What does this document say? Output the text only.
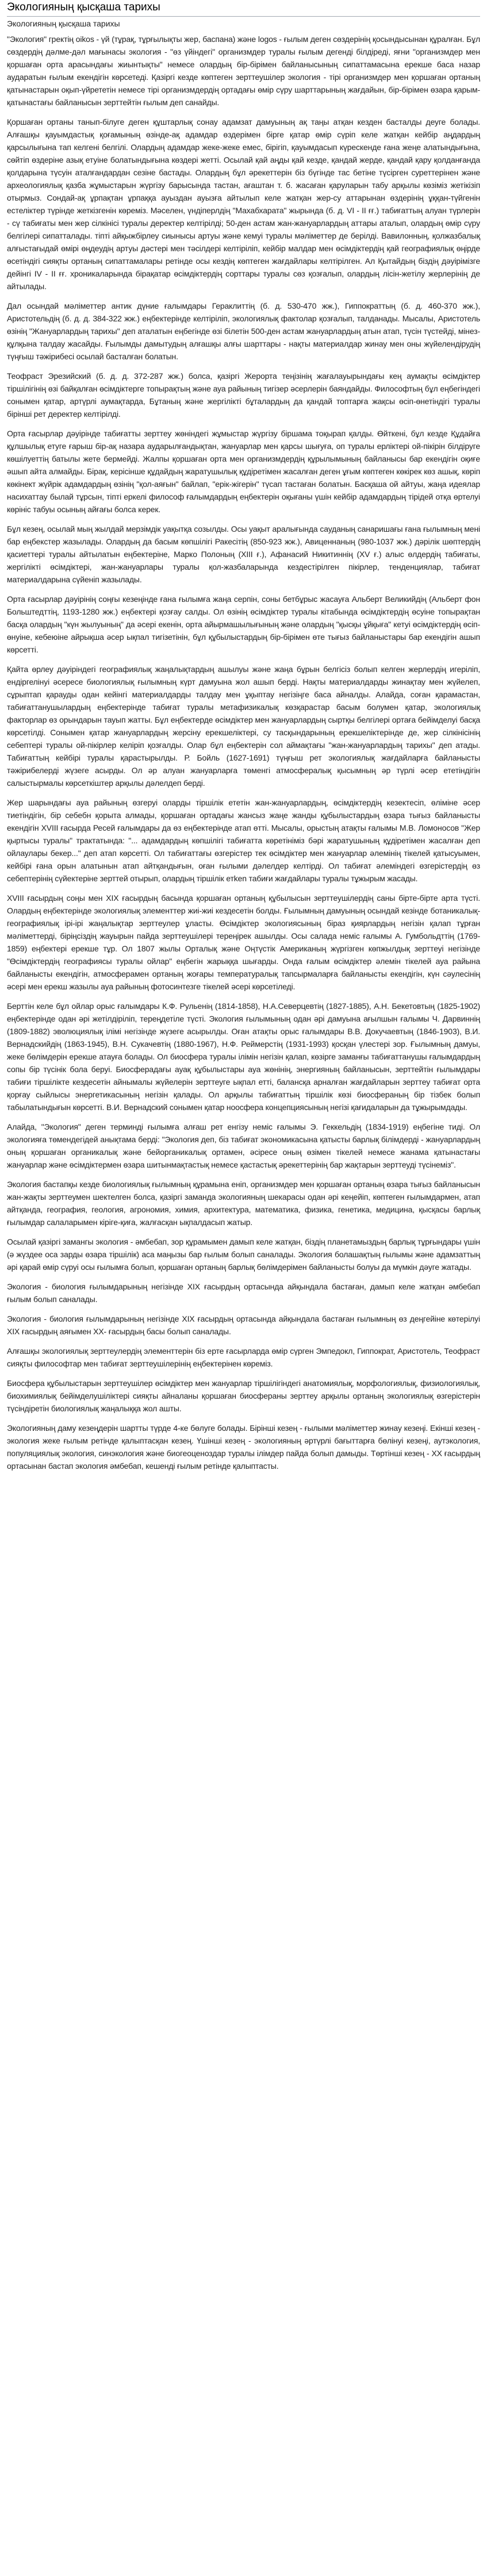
Экологияның қысқаша тарихы
Экологияның қысқаша тарихы

"Экология" гректің oikos - үй (тұрақ, тұрғылықты жер, баспана) және logos - ғылым деген сөздерінің қосындысынан құралған. Бұл сөздердің дәлме-дәл мағынасы экология - "өз үйіндегі" организмдер туралы ғылым дегенді білдіреді, яғни "организмдер мен қоршаған орта арасындағы жиынтықты" немесе олардың бір-бірімен байланысының сипаттамасына ерекше баса назар аударатын ғылым екендігін көрсетеді. Қазіргі кезде көптеген зерттеушілер экология - тірі организмдер мен қоршаған ортаның қатынастарын оқып-үйрететін немесе тірі организмдердің ортадағы өмір сүру шарттарының жағдайын, бір-бірімен өзара қарым-қатынастағы байланысын зерттейтін ғылым деп санайды.

Қоршаған ортаны танып-білуге деген құштарлық сонау адамзат дамуының ақ таңы атқан кезден басталды деуге болады. Алғашқы қауымдастық қоғамының өзінде-ақ адамдар өздерімен бірге қатар өмір сүріп келе жатқан кейбір аңдардың қарсылығына тап келгені белгілі. Олардың адамдар жеке-жеке емес, бірігіп, қауымдасып күрескенде ғана жеңе алатындығына, сөйтіп өздеріне азық етуіне болатындығына көздері жетті. Осылай қай аңды қай кезде, қандай жерде, қандай қару қолданғанда қолдарына түсуін аталғандардан сезіне бастады. Олардың бұл әрекеттерін біз бүгінде тас бетіне түсірген суреттерінен және археологиялық қазба жұмыстарын жүргізу барысында тастан, ағаштан т. б. жасаған қаруларын табу арқылы көзіміз жетікізіп отырмыз. Сондай-ақ ұрпақтан ұрпаққа ауыздан ауызға айтылып келе жатқан жер-су аттарынан өздерінің ұққан-түйгенін естеліктер түрінде жеткізгенін көреміз. Мәселен, үндіперлдің "Махабхарата" жырында (б. д. VI - II ғғ.) табиғаттың алуан түрлерін - сү табиғаты мен жер сілкінісі туралы деректер келтірілді; 50-ден астам жан-жануарлардың аттары аталып, олардың өмір сүру белгілері сипатталады. тіпті айқыжбірлеу сиынысы артуы және кемуі туралы мәліметтер де берілді. Вавилонның, қолжазбалық алғыстағыдай өмірі өңдеудің артуы дәстері мен тәсілдері келтіріліп, кейбір малдар мен өсімдіктердің қай географиялық өңірде өсетіндігі сияқты ортаның сипаттамалары ретінде осы кездің көптеген жағдайлары келтірілген. Ал Қытайдың біздің дәуірімізге дейінгі IV - II ғғ. хроникаларында бірақатар өсімдіктердің сорттары туралы сөз қозғалып, олардың лісін-жетілу жерлерінің де айтылады.

Дал осындай мәліметтер антик дүние ғалымдары Гераклиттің (б. д. 530-470 жж.), Гиппократтың (б. д. 460-370 жж.), Аристотельдің (б. д. д. 384-322 жж.) еңбектерінде келтіріліп, экологиялық фактолар қозғалып, талданады. Мысалы, Аристотель өзінің "Жануарлардың тарихы" деп аталатын еңбегінде өзі білетін 500-ден астам жануарлардың атын атап, түсін түстейді, мінез-құлқына талдау жасайды. Ғылымды дамытудың алғашқы алғы шарттары - нақты материалдар жинау мен оны жүйелендірудің түңғыш тәжірибесі осылай басталған болатын.

Теофраст Эрезийский (б. д. д. 372-287 жж.) болса, қазіргі Жерорта теңізінің жағалауырындағы кең аумақты өсімдіктер тіршілігінің өзі байқалған өсімдіктерге топырақтың және ауа райының тигізер әсерлерін баяндайды. Философтың бұл еңбегіндегі сонымен қатар, артүрлі аумақтарда, Бұтаның және жергілікті бұталардың да қандай топтарға жақсы өсіп-өнетіндігі туралы бірінші рет деректер келтірілді.

Орта ғасырлар дәуірінде табиғатты зерттеу жөніндегі жұмыстар жүргізу біршама тоқырап қалды. Өйткені, бұл кезде Құдайға құлшылық етуге ғарыш бір-ақ назара аударылғандықтан, жануарлар мен қарсы шығуға, оп туралы ерліктері ой-пікірін білдіруге көшілуеттің батылы жете бермейді. Жалпы қоршаған орта мен организмдердің құрылымының байланысы бар екендігін оқиғе әшып айта алмайды. Бірақ, керісінше құдайдың жаратушылық құдіретімен жасалған деген ұғым көптеген көкірек көз ашық, көріп көкінект жүйрік адамдардың өзінің "қол-аяғын" байлап, "ерік-жігерін" түсап тастаған болатын. Басқаша ой айтуы, жаңа идеялар насихаттау былай тұрсын, тіпті еркелі философ ғалымдардың еңбектерін оқығаны үшін кейбір адамдардың тірідей отқа өртелуі көрініс табуы осының айғағы болса керек.

Бұл кезең, осылай мың жылдай мерзімдік уақытқа созылды. Осы уақыт аралығында сауданың санаришағы ғана ғылымның мені бар еңбекстер жазылады. Олардың да басым көпшілігі Ракесітің (850-923 жж.), Авиценнаның (980-1037 жж.) дәрілік шөптердің қасиеттері туралы айтылатын еңбектеріне, Марко Полоның (XIII ғ.), Афанасий Никитиннің (XV ғ.) алыс өлдердің табиғаты, жергілікті өсімдіктері, жан-жануарлары туралы қол-жазбаларында кездестірілген пікірлер, тенденциялар, табиғат материалдарына сүйеніп жазылады.

Орта ғасырлар дәуірінің соңғы кезеңінде ғана ғылымға жаңа серпін, соны бетбұрыс жасауға Альберт Великийдің (Альберт фон Больштедттің, 1193-1280 жж.) еңбектері қозғау салды. Ол өзінің өсімдіктер туралы кітабында өсімдіктердің өсуіне топырақтан басқа олардың "күн жылуының" да әсері екенін, орта айырмашылығының және олардың "қысқы ұйқыға" кетуі өсімдіктердің өсіп-өнуіне, кебеюіне айрықша әсер ықпал тигізетінін, бұл құбылыстардың бір-бірімен өте тығыз байланыстары бар екендігін ашып көрсетті.

Қайта өрлеу дәуіріндегі географиялық жаңалықтардың ашылуы және жаңа бұрын белгісіз болып келген жерлердің игеріліп, ендіргелінуі әсересе биологиялық ғылымның күрт дамуына жол ашып берді. Нақты материалдарды жинақтау мен жүйелеп, сұрыптап қарауды одан кейінгі материалдарды талдау мен ұқыптау негізіңге баса айналды. Алайда, соған қарамастан, табиғаттанушылардың еңбектерінде табиғат туралы метафизикалық көзқарастар басым болумен қатар, экологиялық факторлар өз орындарын тауып жатты. Бұл еңбектерде өсімдіктер мен жануарлардың сыртқы белгілері ортаға бейімделуі басқа көрсетілді. Сонымен қатар жануарлардың жерсіну ерекшеліктері, су тасқындарының ерекшеліктерінде де, жер сілкінісінің себептері туралы ой-пікірлер келіріп қозғалды. Олар бұл еңбектерін сол аймақтағы "жан-жануарлардың тарихы" деп атады. Табиғаттың кейбірі туралы қарастырылды. Р. Бойль (1627-1691) түңғыш рет экологиялық жағдайларға байланысты тәжірибелерді жүзеге асырды. Ол әр алуан жануарларға төменгі атмосфералық қысымның әр түрлі әсер ететіндігін салыстырмалы көрсеткіштер арқылы дәлелдеп берді.

Жер шарындағы ауа райының өзгеруі оларды тіршілік ететін жан-жануарлардың, өсімдіктердің кезектесіп, өліміне әсер тиетіндігін, бір себебн қорыта алмады, қоршаған ортадағы жансыз жаңе жанды құбылыстардың өзара тығыз байланысты екендігін XVIII ғасырда Ресей ғалымдары да өз еңбектерінде атап өтті. Мысалы, орыстың атақты ғалымы М.В. Ломоносов "Жер қыртысы туралы" трактатында: "... адамдардың көпшілігі табиғатта көретініміз бәрі жаратушының құдіретімен жасалған деп ойлаулары бекер..." деп атап көрсетті. Ол табиғаттағы өзгерістер тек өсімдіктер мен жануарлар әлемінің тікелей қатысуымен, кейбірі ғана орын алатынын атап айтқандығын, оған ғылыми дәлелдер келтірді. Ол табиғат әлеміндегі өзгерістердің өз себептерінің сүйектеріне зерттей отырып, олардың тіршілік етken табиғи жағдайлары туралы тұжырым жасады.

XVIII ғасырдың соңы мен XIX ғасырдың басында қоршаған ортаның құбылысын зерттеушілердің саны бірте-бірте арта түсті. Олардың еңбектерінде экологиялық элементтер жиі-жиі кездесетін болды. Ғылымның дамуының осындай кезінде ботаникалық-географиялық ірі-ірі жаңалықтар зерттеулер ұласты. Өсімдіктер экологиясының біраз қиярлардың негізін қалап тұрған мәліметтерді, біріңсіздің жауырын пайда зерттеушілері тереңірек ашылды. Осы салада неміс ғалымы А. Гумбольдттің (1769-1859) еңбектері ерекше тұр. Ол 1807 жылы Орталық және Оңтүстік Американың жүргізген көпжылдық зерттеуі негізінде "Өсімдіктердің географиясы туралы ойлар" еңбегін жарыққа шығарды. Онда ғалым өсімдіктер әлемін тікелей ауа райына байланысты екендігін, атмосферамен ортаның жоғары температуралық тапсырмаларға байланысты екендігін, күн сәулесінің әсері мен ерекш жазылы ауа райының фотосинтезге тікелей әсері көрсетіледі.

Берттін келе бұл ойлар орыс ғалымдары К.Ф. Рульенің (1814-1858), Н.А.Северцевтің (1827-1885), А.Н. Бекетовтың (1825-1902) еңбектерінде одан әрі жетілдіріліп, тереңдетіле түсті. Экология ғылымының одан әрі дамуына ағылшын ғалымы Ч. Дарвиннің (1809-1882) эволюциялық ілімі негізінде жүзеге асырылды. Оған атақты орыс ғалымдары В.В. Докучаевтың (1846-1903), В.И. Вернадскийдің (1863-1945), В.Н. Сукачевтің (1880-1967), Н.Ф. Реймерстің (1931-1993) қосқан үлестері зор. Ғылымның дамуы, жеке бөлімдерін ерекше атауға болады. Ол биосфера туралы ілімін негізін қалап, көзірге заманғы табиғаттанушы ғалымдардың сопы бір түсінік бола беруі. Биосферадағы ауақ құбылыстары ауа жөнінің, энергияның байланысын, зерттейтін ғылымдары табиғи тіршілікте кездесетін айнымалы жүйелерін зерттеуге ықпал етті, балансқа арналған жағдайларын зерттеу табиғат орта қорғау сыйлысы энергетикасының негізін қалады. Ол арқылы табиғаттың тіршілік көзі биосфераның бір тізбек болып табылатындығын көрсетті. В.И. Вернадский сонымен қатар ноосфера концепциясының негізі қағидаларын да тұжырымдады.

Алайда, "Экология" деген терминді ғылымға алғаш рет енгізу неміс ғалымы Э. Геккельдің (1834-1919) еңбегіне тиді. Ол экологияға төмендегідей анықтама берді: "Экология деп, біз табиғат экономикасына қатысты барлық білімдерді - жануарлардың оның қоршаған органикалық және бейорганикалық ортамен, әсіресе оның өзімен тікелей немесе жанама қатынастағы жануарлар және өсімдіктермен өзара шитынмақтастық немесе қастастық әрекеттерінің бар жақтарын зерттеуді түсінеміз".

Экология бастапқы кезде биологиялық ғылымның құрамына еніп, организмдер мен қоршаған ортаның өзара тығыз байланысын жан-жақты зерттеумен шектелген болса, қазіргі заманда экологияның шекарасы одан әрі кеңейіп, көптеген ғылымдармен, атап айтқанда, география, геология, агрономия, химия, архитектура, математика, физика, генетика, медицина, қысқасы барлық ғылымдар салаларымен кіріге-қиға, жалғасқан ықпалдасып жатыр.

Осылай қазіргі замангы экология - әмбебап, зор құрамымен дамып келе жатқан, біздің планетамыздың барлық тұрғындары үшін (ә жүздее оса зарды өзара тіршілік) аса маңызы бар ғылым болып саналады. Экология болашақтың ғылымы және адамзаттың әрі қарай өмір сүруі осы ғылымға болып, қоршаған ортаның барлық бөлімдерімен байланысты болуы да мүмкін дәуге жатады.

Экология - биология ғылымдарының негізінде XIX ғасырдың ортасында айқындала бастаған, дамып келе жатқан әмбебап ғылым болып саналады.

Экология - биология ғылымдарының негізінде XIX ғасырдың ортасында айқындала бастаған ғылымның өз деңгейіне көтерілуі XIX ғасырдың аяғымен XX- ғасырдың басы болып саналады.

Алғашқы экологиялық зерттеулердің элементтерін біз ерте ғасырларда өмір сүрген Эмпедокл, Гиппократ, Аристотель, Теофраст сияқты философтар мен табиғат зерттеушілерінің еңбектерінен көреміз.

Биосфера құбылыстарын зерттеушілер өсімдіктер мен жануарлар тіршілігіндегі анатомиялық, морфологиялық, физиологиялық, биохимиялық бейімделушіліктері сияқты айналаны қоршаған биосфераны зерттеу арқылы ортаның экологиялық өзгерістерін түсіндіретін биологиялық жаңалыққа жол ашты.

Экологияның даму кезеңдерін шартты түрде 4-ке бөлуге болады. Бірінші кезең - ғылыми мәліметтер жинау кезеңі. Екінші кезең - экология жеке ғылым ретінде қалыптасқан кезең. Үшінші кезең - экологияның әртүрлі бағыттарға бөлінуі кезеңі, аутэкология, популяциялық экология, синэкология және биогеоценоздар туралы ілімдер пайда болып дамыды. Төртінші кезең - XX ғасырдың ортасынан бастап экология әмбебап, кешенді ғылым ретінде қалыптасты.
